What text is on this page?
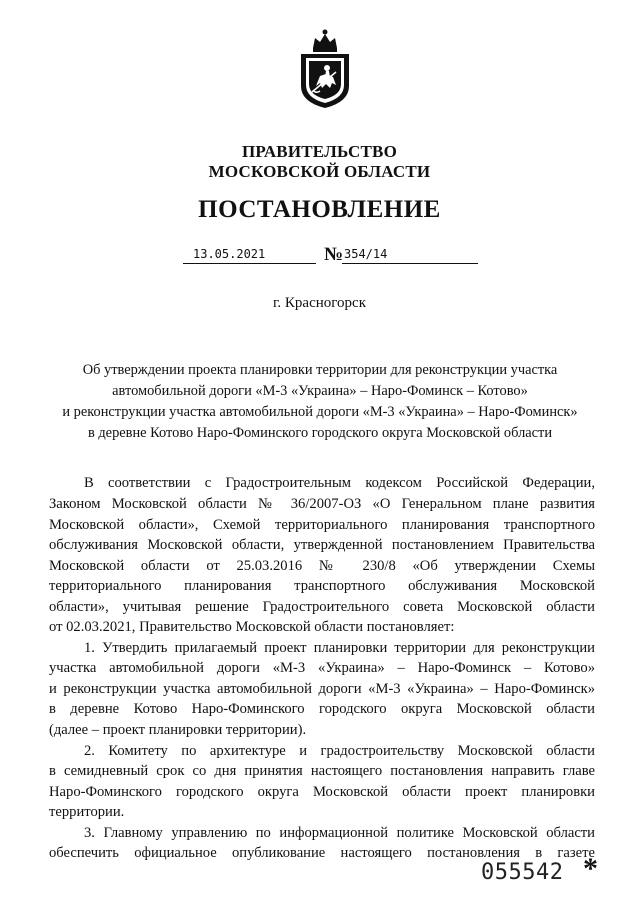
ПРАВИТЕЛЬСТВО
МОСКОВСКОЙ ОБЛАСТИ
ПОСТАНОВЛЕНИЕ
13.05.2021	№ 354/14
г. Красногорск
Об утверждении проекта планировки территории для реконструкции участка
автомобильной дороги «М-3 «Украина» – Наро-Фоминск – Котово»
и реконструкции участка автомобильной дороги «М-3 «Украина» – Наро-Фоминск»
в деревне Котово Наро-Фоминского городского округа Московской области
В соответствии с Градостроительным кодексом Российской Федерации,
Законом Московской области № 36/2007-ОЗ «О Генеральном плане развития
Московской области», Схемой территориального планирования транспортного
обслуживания Московской области, утвержденной постановлением Правительства
Московской области от 25.03.2016 № 230/8 «Об утверждении Схемы
территориального планирования транспортного обслуживания Московской
области», учитывая решение Градостроительного совета Московской области
от 02.03.2021, Правительство Московской области постановляет:
1. Утвердить прилагаемый проект планировки территории для реконструкции
участка автомобильной дороги «М-3 «Украина» – Наро-Фоминск – Котово»
и реконструкции участка автомобильной дороги «М-3 «Украина» – Наро-Фоминск»
в деревне Котово Наро-Фоминского городского округа Московской области
(далее – проект планировки территории).
2. Комитету по архитектуре и градостроительству Московской области
в семидневный срок со дня принятия настоящего постановления направить главе
Наро-Фоминского городского округа Московской области проект планировки
территории.
3. Главному управлению по информационной политике Московской области
обеспечить официальное опубликование настоящего постановления в газете
055542 *
